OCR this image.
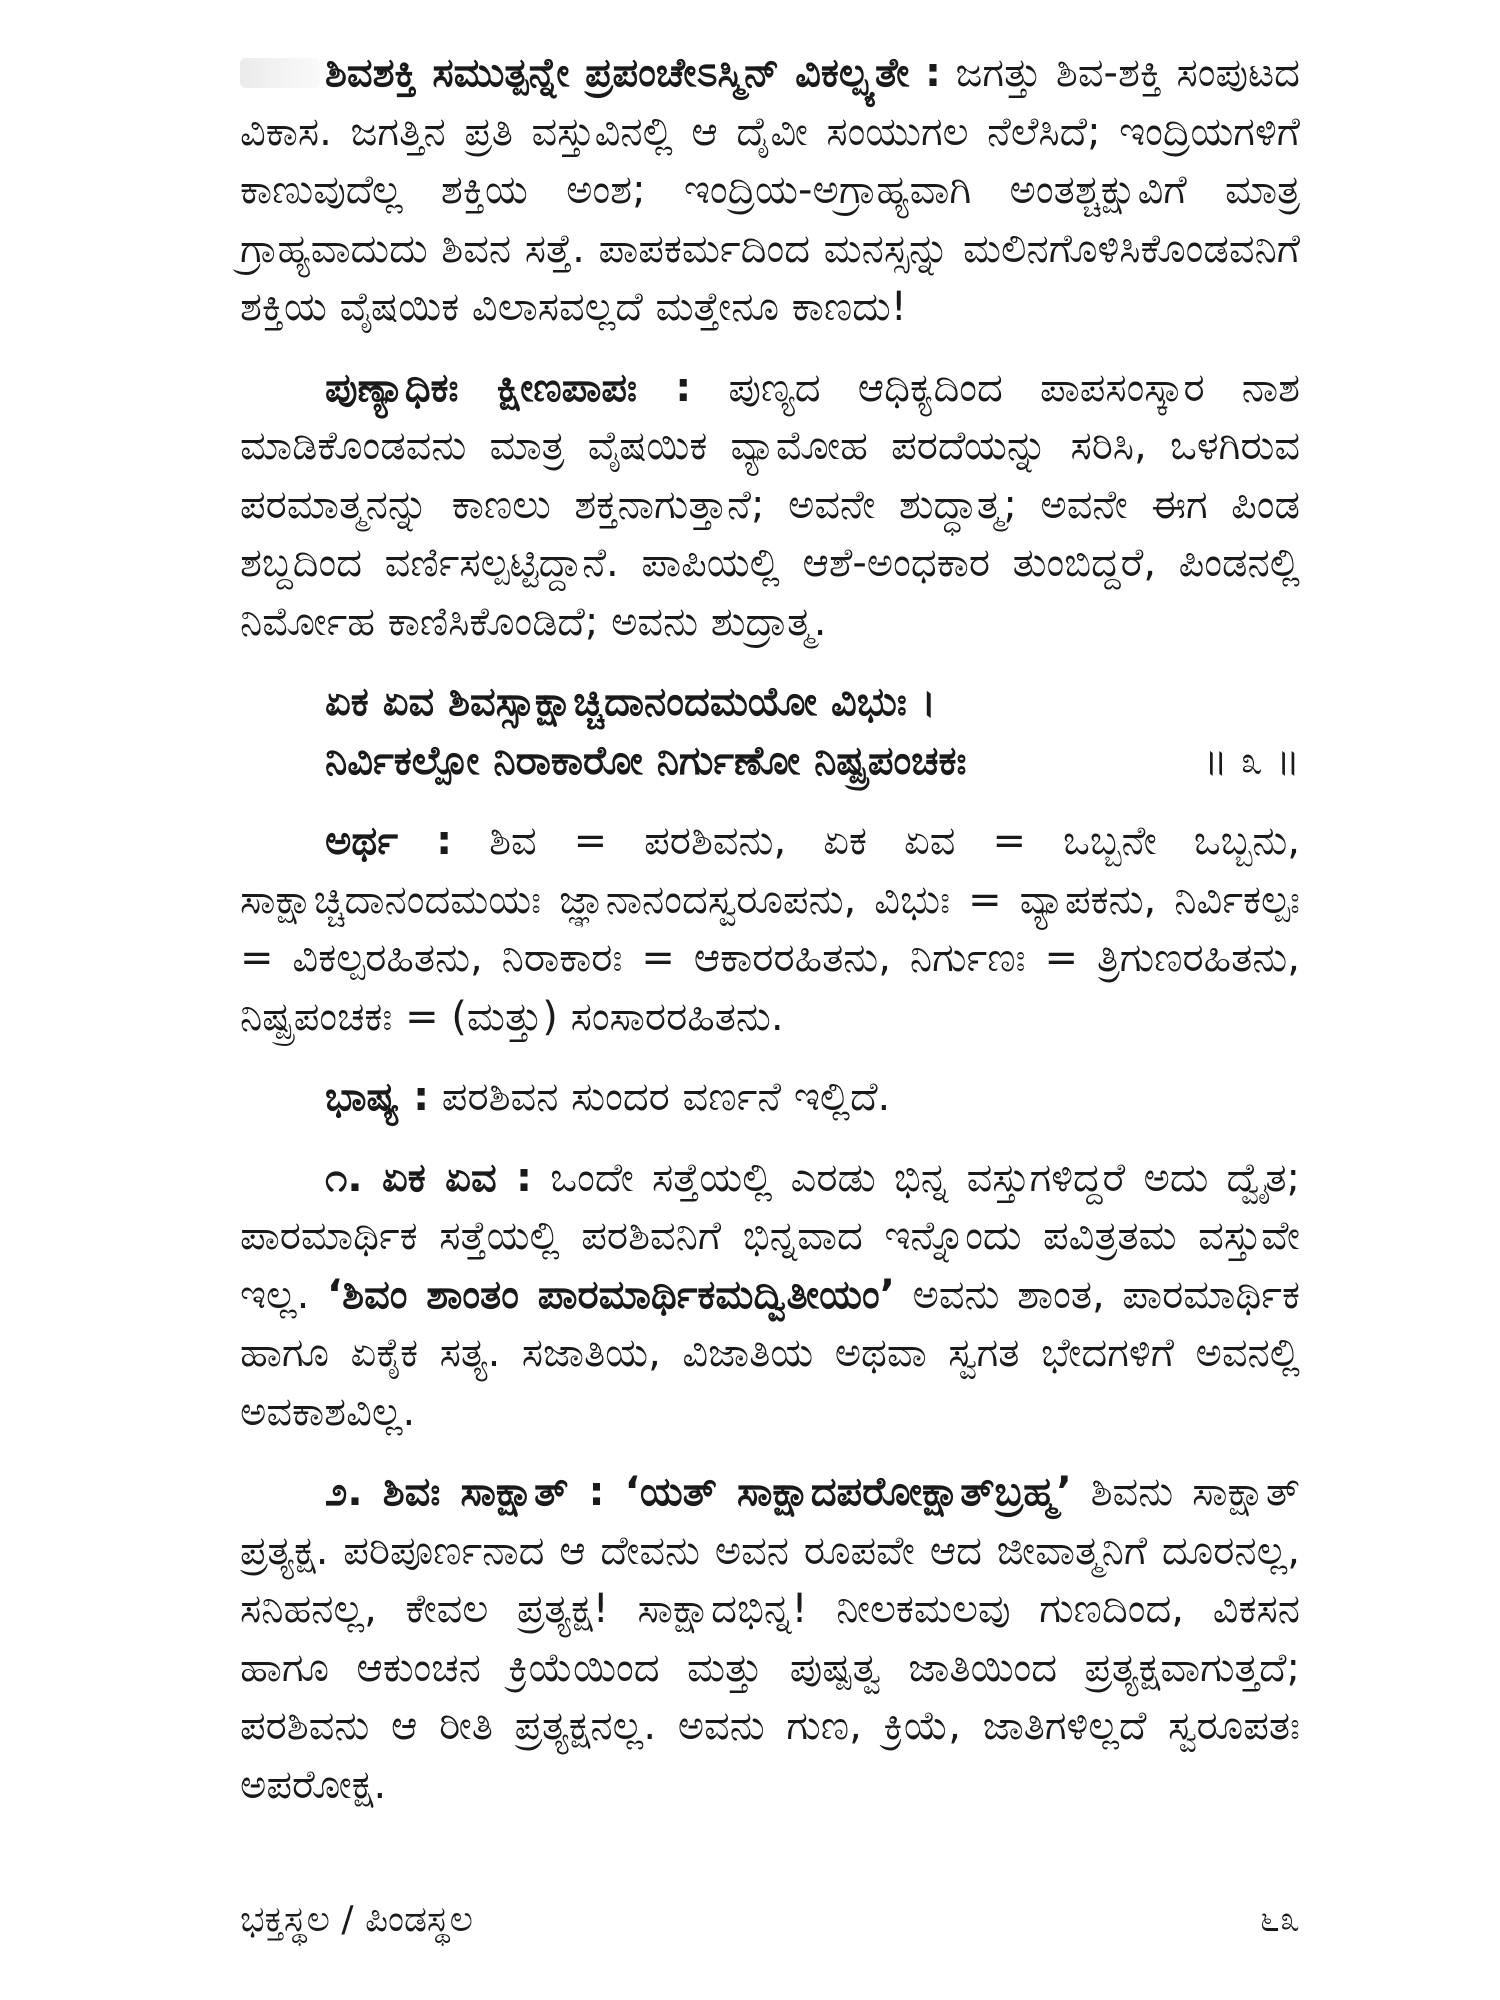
ಶಿವಶಕ್ತಿ ಸಮುತ್ಪನ್ನೇ ಪ್ರಪಂಚೇಽಸ್ಮಿನ್ ವಿಕಲ್ಪ್ಯತೇ : ಜಗತ್ತು ಶಿವ-ಶಕ್ತಿ ಸಂಪುಟದ ವಿಕಾಸ. ಜಗತ್ತಿನ ಪ್ರತಿ ವಸ್ತುವಿನಲ್ಲಿ ಆ ದೈವೀ ಸಂಯುಗಲ ನೆಲೆಸಿದೆ; ಇಂದ್ರಿಯಗಳಿಗೆ ಕಾಣುವುದೆಲ್ಲ ಶಕ್ತಿಯ ಅಂಶ; ಇಂದ್ರಿಯ-ಅಗ್ರಾಹ್ಯವಾಗಿ ಅಂತಶ್ಚಕ್ಷುವಿಗೆ ಮಾತ್ರ ಗ್ರಾಹ್ಯವಾದುದು ಶಿವನ ಸತ್ತೆ. ಪಾಪಕರ್ಮದಿಂದ ಮನಸ್ಸನ್ನು ಮಲಿನಗೊಳಿಸಿಕೊಂಡವನಿಗೆ ಶಕ್ತಿಯ ವೈಷಯಿಕ ವಿಲಾಸವಲ್ಲದೆ ಮತ್ತೇನೂ ಕಾಣದು!

ಪುಣ್ಯಾಧಿಕಃ ಕ್ಷೀಣಪಾಪಃ : ಪುಣ್ಯದ ಆಧಿಕ್ಯದಿಂದ ಪಾಪಸಂಸ್ಕಾರ ನಾಶ ಮಾಡಿಕೊಂಡವನು ಮಾತ್ರ ವೈಷಯಿಕ ವ್ಯಾಮೋಹ ಪರದೆಯನ್ನು ಸರಿಸಿ, ಒಳಗಿರುವ ಪರಮಾತ್ಮನನ್ನು ಕಾಣಲು ಶಕ್ತನಾಗುತ್ತಾನೆ; ಅವನೇ ಶುದ್ಧಾತ್ಮ; ಅವನೇ ಈಗ ಪಿಂಡ ಶಬ್ದದಿಂದ ವರ್ಣಿಸಲ್ಪಟ್ಟಿದ್ದಾನೆ. ಪಾಪಿಯಲ್ಲಿ ಆಶೆ-ಅಂಧಕಾರ ತುಂಬಿದ್ದರೆ, ಪಿಂಡನಲ್ಲಿ ನಿರ್ಮೋಹ ಕಾಣಿಸಿಕೊಂಡಿದೆ; ಅವನು ಶುದ್ರಾತ್ಮ.

ಏಕ ಏವ ಶಿವಸ್ಸಾಕ್ಷಾಚ್ಚಿದಾನಂದಮಯೋ ವಿಭುಃ ।

ನಿರ್ವಿಕಲ್ಪೋ ನಿರಾಕಾರೋ ನಿರ್ಗುಣೋ ನಿಷ್ಪ್ರಪಂಚಕಃ	॥ ೩ ॥

ಅರ್ಥ : ಶಿವ = ಪರಶಿವನು, ಏಕ ಏವ = ಒಬ್ಬನೇ ಒಬ್ಬನು, ಸಾಕ್ಷಾಚ್ಚಿದಾನಂದಮಯಃ ಜ್ಞಾನಾನಂದಸ್ವರೂಪನು, ವಿಭುಃ = ವ್ಯಾಪಕನು, ನಿರ್ವಿಕಲ್ಪಃ = ವಿಕಲ್ಪರಹಿತನು, ನಿರಾಕಾರಃ = ಆಕಾರರಹಿತನು, ನಿರ್ಗುಣಃ = ತ್ರಿಗುಣರಹಿತನು, ನಿಷ್ಪ್ರಪಂಚಕಃ = (ಮತ್ತು) ಸಂಸಾರರಹಿತನು.

ಭಾಷ್ಯ : ಪರಶಿವನ ಸುಂದರ ವರ್ಣನೆ ಇಲ್ಲಿದೆ.

೧. ಏಕ ಏವ : ಒಂದೇ ಸತ್ತೆಯಲ್ಲಿ ಎರಡು ಭಿನ್ನ ವಸ್ತುಗಳಿದ್ದರೆ ಅದು ದ್ವೈತ; ಪಾರಮಾರ್ಥಿಕ ಸತ್ತೆಯಲ್ಲಿ ಪರಶಿವನಿಗೆ ಭಿನ್ನವಾದ ಇನ್ನೊಂದು ಪವಿತ್ರತಮ ವಸ್ತುವೇ ಇಲ್ಲ. ‘ಶಿವಂ ಶಾಂತಂ ಪಾರಮಾರ್ಥಿಕಮದ್ವಿತೀಯಂ’ ಅವನು ಶಾಂತ, ಪಾರಮಾರ್ಥಿಕ ಹಾಗೂ ಏಕೈಕ ಸತ್ಯ. ಸಜಾತಿಯ, ವಿಜಾತಿಯ ಅಥವಾ ಸ್ವಗತ ಭೇದಗಳಿಗೆ ಅವನಲ್ಲಿ ಅವಕಾಶವಿಲ್ಲ.

೨. ಶಿವಃ ಸಾಕ್ಷಾತ್ : ‘ಯತ್ ಸಾಕ್ಷಾದಪರೋಕ್ಷಾತ್‌ಬ್ರಹ್ಮ’ ಶಿವನು ಸಾಕ್ಷಾತ್ ಪ್ರತ್ಯಕ್ಷ. ಪರಿಪೂರ್ಣನಾದ ಆ ದೇವನು ಅವನ ರೂಪವೇ ಆದ ಜೀವಾತ್ಮನಿಗೆ ದೂರನಲ್ಲ, ಸನಿಹನಲ್ಲ, ಕೇವಲ ಪ್ರತ್ಯಕ್ಷ! ಸಾಕ್ಷಾದಭಿನ್ನ! ನೀಲಕಮಲವು ಗುಣದಿಂದ, ವಿಕಸನ ಹಾಗೂ ಆಕುಂಚನ ಕ್ರಿಯೆಯಿಂದ ಮತ್ತು ಪುಷ್ಪತ್ವ ಜಾತಿಯಿಂದ ಪ್ರತ್ಯಕ್ಷವಾಗುತ್ತದೆ; ಪರಶಿವನು ಆ ರೀತಿ ಪ್ರತ್ಯಕ್ಷನಲ್ಲ. ಅವನು ಗುಣ, ಕ್ರಿಯೆ, ಜಾತಿಗಳಿಲ್ಲದೆ ಸ್ವರೂಪತಃ ಅಪರೋಕ್ಷ.

ಭಕ್ತಸ್ಥಲ / ಪಿಂಡಸ್ಥಲ	೬೩
